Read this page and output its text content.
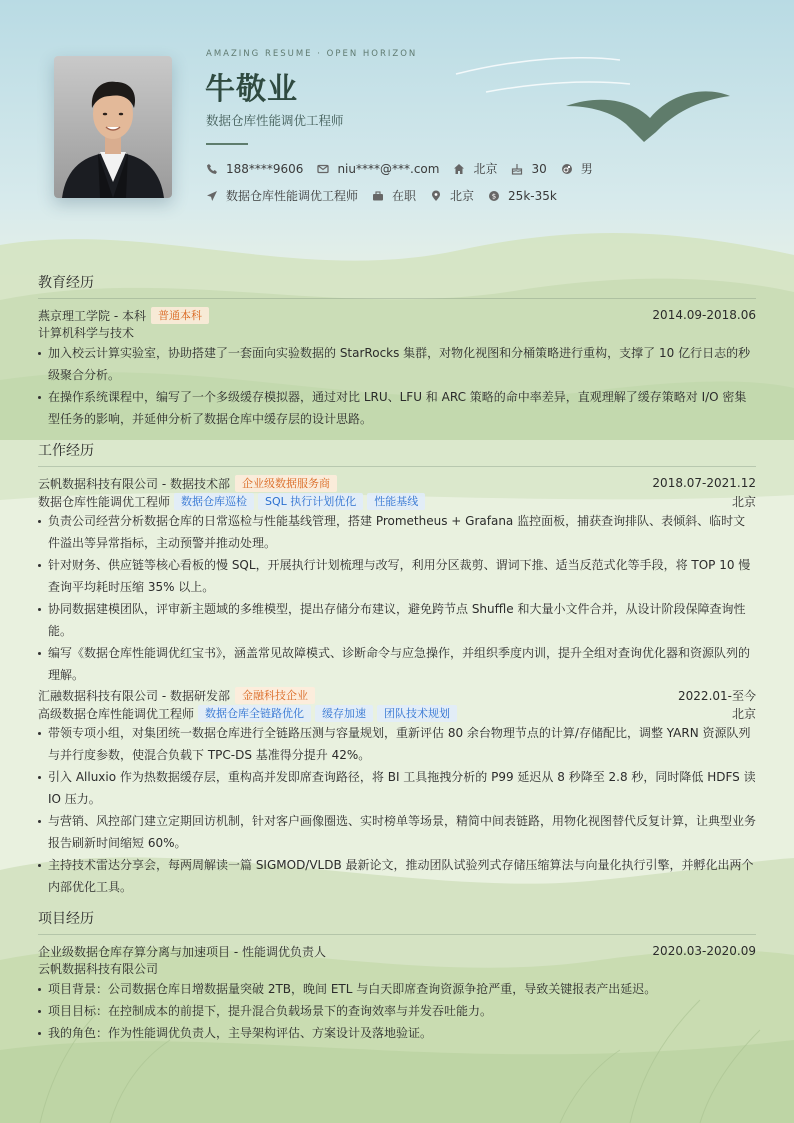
AMAZING RESUME · OPEN HORIZON
牛敬业
数据仓库性能调优工程师
188****9606	niu****@***.com	北京	30	男
数据仓库性能调优工程师	在职	北京	$ 25k-35k
教育经历
燕京理工学院 - 本科	普通本科	2014.09-2018.06
计算机科学与技术
加入校云计算实验室，协助搭建了一套面向实验数据的 StarRocks 集群，对物化视图和分桶策略进行重构，支撑了 10 亿行日志的秒级聚合分析。
在操作系统课程中，编写了一个多级缓存模拟器，通过对比 LRU、LFU 和 ARC 策略的命中率差异，直观理解了缓存策略对 I/O 密集型任务的影响，并延伸分析了数据仓库中缓存层的设计思路。
工作经历
云帆数据科技有限公司 - 数据技术部	企业级数据服务商	2018.07-2021.12
数据仓库性能调优工程师	数据仓库巡检	SQL 执行计划优化	性能基线	北京
负责公司经营分析数据仓库的日常巡检与性能基线管理，搭建 Prometheus + Grafana 监控面板，捕获查询排队、表倾斜、临时文件溢出等异常指标，主动预警并推动处理。
针对财务、供应链等核心看板的慢 SQL，开展执行计划梳理与改写，利用分区裁剪、谓词下推、适当反范式化等手段，将 TOP 10 慢查询平均耗时压缩 35% 以上。
协同数据建模团队，评审新主题域的多维模型，提出存储分布建议，避免跨节点 Shuffle 和大量小文件合并，从设计阶段保障查询性能。
编写《数据仓库性能调优红宝书》，涵盖常见故障模式、诊断命令与应急操作，并组织季度内训，提升全组对查询优化器和资源队列的理解。
汇融数据科技有限公司 - 数据研发部	金融科技企业	2022.01-至今
高级数据仓库性能调优工程师	数据仓库全链路优化	缓存加速	团队技术规划	北京
带领专项小组，对集团统一数据仓库进行全链路压测与容量规划，重新评估 80 余台物理节点的计算/存储配比，调整 YARN 资源队列与并行度参数，使混合负载下 TPC-DS 基准得分提升 42%。
引入 Alluxio 作为热数据缓存层，重构高并发即席查询路径，将 BI 工具拖拽分析的 P99 延迟从 8 秒降至 2.8 秒，同时降低 HDFS 读 IO 压力。
与营销、风控部门建立定期回访机制，针对客户画像圈选、实时榜单等场景，精简中间表链路，用物化视图替代反复计算，让典型业务报告刷新时间缩短 60%。
主持技术雷达分享会，每两周解读一篇 SIGMOD/VLDB 最新论文，推动团队试验列式存储压缩算法与向量化执行引擎，并孵化出两个内部优化工具。
项目经历
企业级数据仓库存算分离与加速项目 - 性能调优负责人	2020.03-2020.09
云帆数据科技有限公司
项目背景：公司数据仓库日增数据量突破 2TB，晚间 ETL 与白天即席查询资源争抢严重，导致关键报表产出延迟。
项目目标：在控制成本的前提下，提升混合负载场景下的查询效率与并发吞吐能力。
我的角色：作为性能调优负责人，主导架构评估、方案设计及落地验证。
